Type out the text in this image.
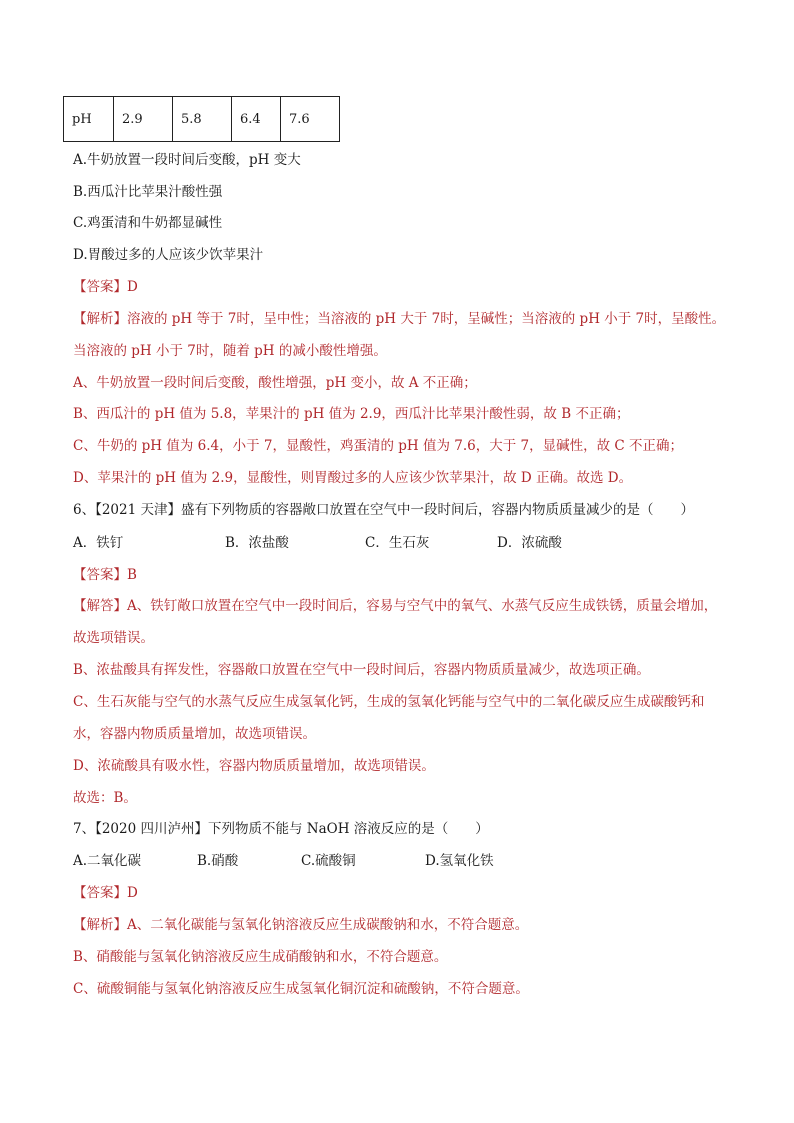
pH	2.9	5.8	6.4	7.6
A.牛奶放置一段时间后变酸，pH 变大
B.西瓜汁比苹果汁酸性强
C.鸡蛋清和牛奶都显碱性
D.胃酸过多的人应该少饮苹果汁
【答案】D
【解析】溶液的 pH 等于 7时，呈中性；当溶液的 pH 大于 7时，呈碱性；当溶液的 pH 小于 7时，呈酸性。
当溶液的 pH 小于 7时，随着 pH 的减小酸性增强。
A、牛奶放置一段时间后变酸，酸性增强，pH 变小，故 A 不正确；
B、西瓜汁的 pH 值为 5.8，苹果汁的 pH 值为 2.9，西瓜汁比苹果汁酸性弱，故 B 不正确；
C、牛奶的 pH 值为 6.4，小于 7，显酸性，鸡蛋清的 pH 值为 7.6，大于 7，显碱性，故 C 不正确；
D、苹果汁的 pH 值为 2.9，显酸性，则胃酸过多的人应该少饮苹果汁，故 D 正确。故选 D。
6、【2021 天津】盛有下列物质的容器敞口放置在空气中一段时间后，容器内物质质量减少的是（　　）
A．铁钉	B．浓盐酸	C．生石灰	D．浓硫酸
【答案】B
【解答】A、铁钉敞口放置在空气中一段时间后，容易与空气中的氧气、水蒸气反应生成铁锈，质量会增加，
故选项错误。
B、浓盐酸具有挥发性，容器敞口放置在空气中一段时间后，容器内物质质量减少，故选项正确。
C、生石灰能与空气的水蒸气反应生成氢氧化钙，生成的氢氧化钙能与空气中的二氧化碳反应生成碳酸钙和
水，容器内物质质量增加，故选项错误。
D、浓硫酸具有吸水性，容器内物质质量增加，故选项错误。
故选：B。
7、【2020 四川泸州】下列物质不能与 NaOH 溶液反应的是（　　）
A.二氧化碳	B.硝酸	C.硫酸铜	D.氢氧化铁
【答案】D
【解析】A、二氧化碳能与氢氧化钠溶液反应生成碳酸钠和水，不符合题意。
B、硝酸能与氢氧化钠溶液反应生成硝酸钠和水，不符合题意。
C、硫酸铜能与氢氧化钠溶液反应生成氢氧化铜沉淀和硫酸钠，不符合题意。
